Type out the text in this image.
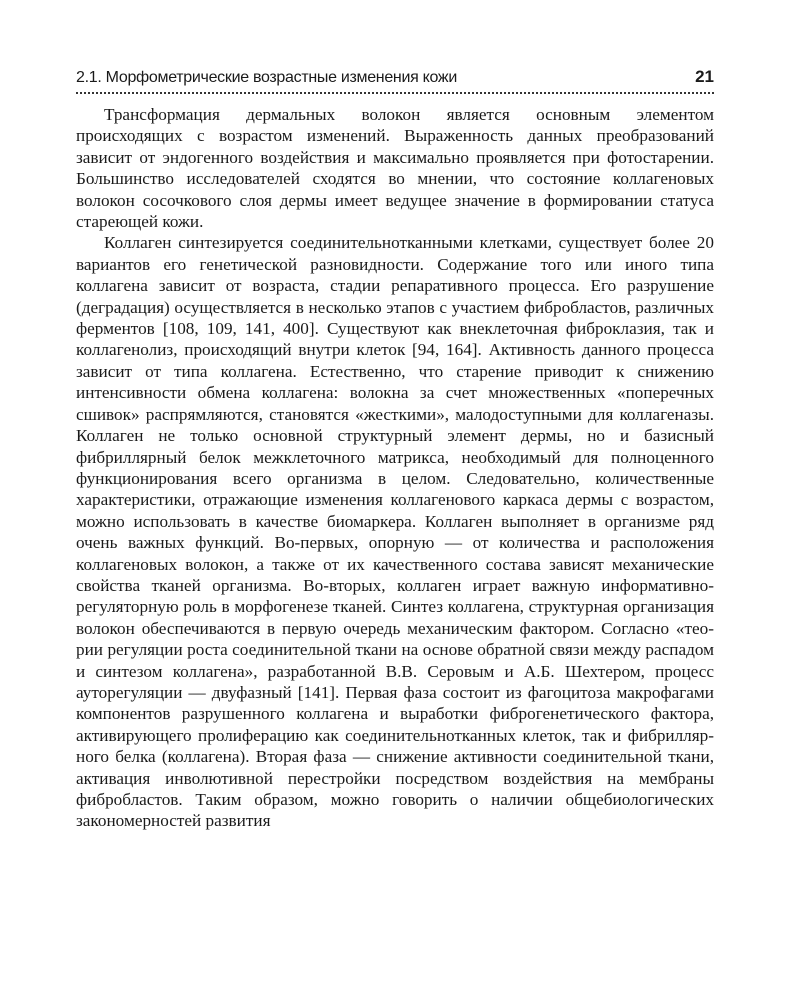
2.1. Морфометрические возрастные изменения кожи	21

Трансформация дермальных волокон является основным элементом происходящих с возрастом изменений. Выраженность данных преобразований зависит от эндогенного воздействия и максимально проявляется при фотостарении. Большинство исследователей сходятся во мнении, что состояние коллагеновых волокон сосочкового слоя дермы имеет ведущее значение в формировании статуса стареющей кожи.

Коллаген синтезируется соединительнотканными клетками, существует более 20 вариантов его генетической разновидности. Содержание того или иного типа коллагена зависит от возраста, стадии репаративного процесса. Его разрушение (деградация) осуществляется в несколько этапов с участием фибробластов, различных ферментов [108, 109, 141, 400]. Существуют как внеклеточная фиброклазия, так и коллагенолиз, происходящий внутри клеток [94, 164]. Активность данного процесса зависит от типа коллагена. Естественно, что старение приводит к снижению интенсивности обмена коллагена: волокна за счет множественных «поперечных сшивок» распрямляются, становятся «жесткими», малодоступными для коллагеназы. Коллаген не только основной структурный элемент дермы, но и базисный фибриллярный белок межклеточного матрикса, необходимый для полноценного функционирования всего организма в целом. Следовательно, количественные характеристики, отражающие изменения коллагенового каркаса дермы с возрастом, можно использовать в качестве биомаркера. Коллаген выполняет в организме ряд очень важных функций. Во-первых, опорную — от количества и расположения коллагеновых волокон, а также от их качественного состава зависят механические свойства тканей организма. Во-вторых, коллаген играет важную информативно-регуляторную роль в морфогенезе тканей. Синтез коллагена, структурная организация волокон обеспечиваются в первую очередь механическим фактором. Согласно «теории регуляции роста соединительной ткани на основе обратной связи между распадом и синтезом коллагена», разработанной В.В. Серовым и А.Б. Шехтером, процесс ауторегуляции — двуфазный [141]. Первая фаза состоит из фагоцитоза макрофагами компонентов разрушенного коллагена и выработки фиброгенетического фактора, активирующего пролиферацию как соединительнотканных клеток, так и фибриллярного белка (коллагена). Вторая фаза — снижение активности соединительной ткани, активация инволютивной перестройки посредством воздействия на мембраны фибробластов. Таким образом, можно говорить о наличии общебиологических закономерностей развития
